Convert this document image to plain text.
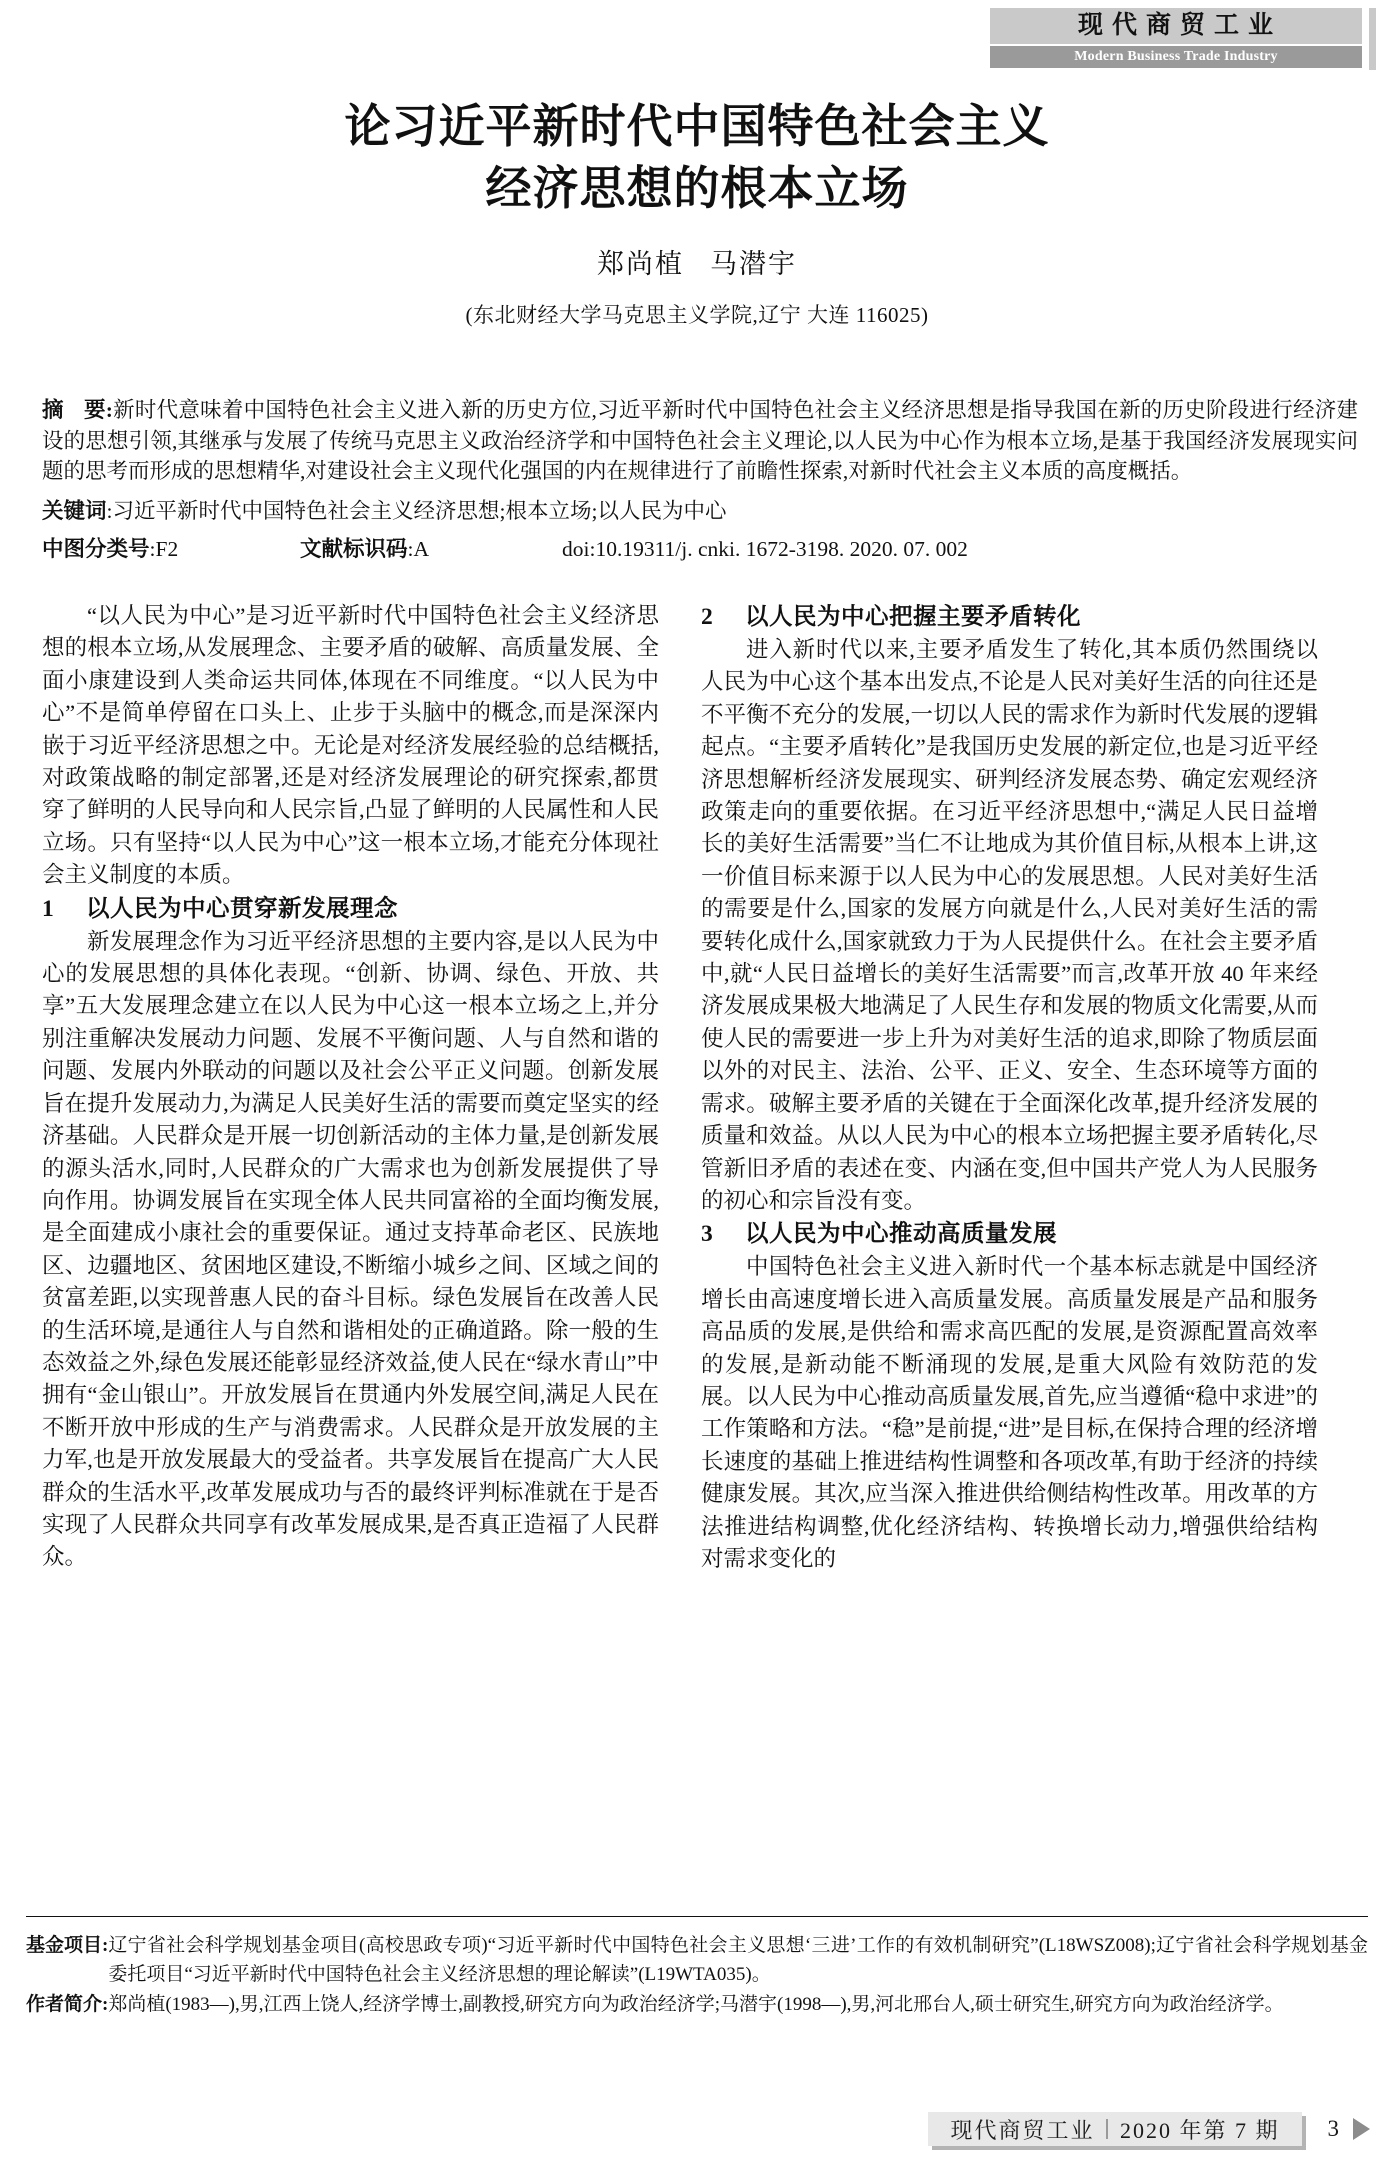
现代商贸工业
Modern Business Trade Industry
论习近平新时代中国特色社会主义
经济思想的根本立场
郑尚植 马潜宇
(东北财经大学马克思主义学院,辽宁 大连 116025)
摘 要:新时代意味着中国特色社会主义进入新的历史方位,习近平新时代中国特色社会主义经济思想是指导我国在新的历史阶段进行经济建设的思想引领,其继承与发展了传统马克思主义政治经济学和中国特色社会主义理论,以人民为中心作为根本立场,是基于我国经济发展现实问题的思考而形成的思想精华,对建设社会主义现代化强国的内在规律进行了前瞻性探索,对新时代社会主义本质的高度概括。
关键词:习近平新时代中国特色社会主义经济思想;根本立场;以人民为中心
中图分类号:F2	文献标识码:A	doi:10.19311/j. cnki. 1672-3198. 2020. 07. 002

“以人民为中心”是习近平新时代中国特色社会主义经济思想的根本立场,从发展理念、主要矛盾的破解、高质量发展、全面小康建设到人类命运共同体,体现在不同维度。“以人民为中心”不是简单停留在口头上、止步于头脑中的概念,而是深深内嵌于习近平经济思想之中。无论是对经济发展经验的总结概括,对政策战略的制定部署,还是对经济发展理论的研究探索,都贯穿了鲜明的人民导向和人民宗旨,凸显了鲜明的人民属性和人民立场。只有坚持“以人民为中心”这一根本立场,才能充分体现社会主义制度的本质。

1	以人民为中心贯穿新发展理念

新发展理念作为习近平经济思想的主要内容,是以人民为中心的发展思想的具体化表现。“创新、协调、绿色、开放、共享”五大发展理念建立在以人民为中心这一根本立场之上,并分别注重解决发展动力问题、发展不平衡问题、人与自然和谐的问题、发展内外联动的问题以及社会公平正义问题。创新发展旨在提升发展动力,为满足人民美好生活的需要而奠定坚实的经济基础。人民群众是开展一切创新活动的主体力量,是创新发展的源头活水,同时,人民群众的广大需求也为创新发展提供了导向作用。协调发展旨在实现全体人民共同富裕的全面均衡发展,是全面建成小康社会的重要保证。通过支持革命老区、民族地区、边疆地区、贫困地区建设,不断缩小城乡之间、区域之间的贫富差距,以实现普惠人民的奋斗目标。绿色发展旨在改善人民的生活环境,是通往人与自然和谐相处的正确道路。除一般的生态效益之外,绿色发展还能彰显经济效益,使人民在“绿水青山”中拥有“金山银山”。开放发展旨在贯通内外发展空间,满足人民在不断开放中形成的生产与消费需求。人民群众是开放发展的主力军,也是开放发展最大的受益者。共享发展旨在提高广大人民群众的生活水平,改革发展成功与否的最终评判标准就在于是否实现了人民群众共同享有改革发展成果,是否真正造福了人民群众。

2	以人民为中心把握主要矛盾转化

进入新时代以来,主要矛盾发生了转化,其本质仍然围绕以人民为中心这个基本出发点,不论是人民对美好生活的向往还是不平衡不充分的发展,一切以人民的需求作为新时代发展的逻辑起点。“主要矛盾转化”是我国历史发展的新定位,也是习近平经济思想解析经济发展现实、研判经济发展态势、确定宏观经济政策走向的重要依据。在习近平经济思想中,“满足人民日益增长的美好生活需要”当仁不让地成为其价值目标,从根本上讲,这一价值目标来源于以人民为中心的发展思想。人民对美好生活的需要是什么,国家的发展方向就是什么,人民对美好生活的需要转化成什么,国家就致力于为人民提供什么。在社会主要矛盾中,就“人民日益增长的美好生活需要”而言,改革开放 40 年来经济发展成果极大地满足了人民生存和发展的物质文化需要,从而使人民的需要进一步上升为对美好生活的追求,即除了物质层面以外的对民主、法治、公平、正义、安全、生态环境等方面的需求。破解主要矛盾的关键在于全面深化改革,提升经济发展的质量和效益。从以人民为中心的根本立场把握主要矛盾转化,尽管新旧矛盾的表述在变、内涵在变,但中国共产党人为人民服务的初心和宗旨没有变。

3	以人民为中心推动高质量发展

中国特色社会主义进入新时代一个基本标志就是中国经济增长由高速度增长进入高质量发展。高质量发展是产品和服务高品质的发展,是供给和需求高匹配的发展,是资源配置高效率的发展,是新动能不断涌现的发展,是重大风险有效防范的发展。以人民为中心推动高质量发展,首先,应当遵循“稳中求进”的工作策略和方法。“稳”是前提,“进”是目标,在保持合理的经济增长速度的基础上推进结构性调整和各项改革,有助于经济的持续健康发展。其次,应当深入推进供给侧结构性改革。用改革的方法推进结构调整,优化经济结构、转换增长动力,增强供给结构对需求变化的

基金项目: 辽宁省社会科学规划基金项目(高校思政专项)“习近平新时代中国特色社会主义思想‘三进’工作的有效机制研究”(L18WSZ008);辽宁省社会科学规划基金委托项目“习近平新时代中国特色社会主义经济思想的理论解读”(L19WTA035)。
作者简介: 郑尚植(1983—),男,江西上饶人,经济学博士,副教授,研究方向为政治经济学;马潜宇(1998—),男,河北邢台人,硕士研究生,研究方向为政治经济学。
现代商贸工业 2020 年第 7 期 3
